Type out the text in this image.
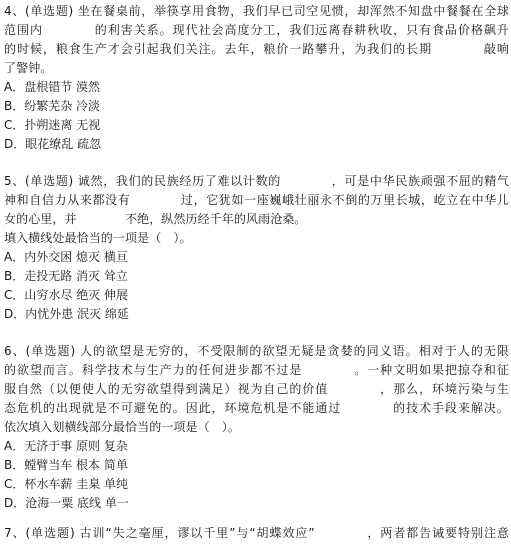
4、(单选题) 坐在餐桌前，举筷享用食物，我们早已司空见惯，却浑然不知盘中餐餐在全球
范围内　　　　的利害关系。现代社会高度分工，我们远离春耕秋收，只有食品价格飙升
的时候，粮食生产才会引起我们关注。去年，粮价一路攀升，为我们的长期　　　　敲响
了警钟。
A．盘根错节 漠然
B．纷繁芜杂 冷淡
C．扑朔迷离 无视
D．眼花缭乱 疏忽
5、(单选题) 诚然，我们的民族经历了难以计数的　　　　，可是中华民族顽强不屈的精气
神和自信力从来都没有　　　　过，它犹如一座巍峨壮丽永不倒的万里长城，屹立在中华儿
女的心里，并　　　　不绝，纵然历经千年的风雨沧桑。
填入横线处最恰当的一项是（　）。
A．内外交困 熄灭 横亘
B．走投无路 消灭 耸立
C．山穷水尽 绝灭 伸展
D．内忧外患 泯灭 绵延
6、(单选题) 人的欲望是无穷的，不受限制的欲望无疑是贪婪的同义语。相对于人的无限
的欲望而言。科学技术与生产力的任何进步都不过是　　　　。一种文明如果把掠夺和征
服自然（以便使人的无穷欲望得到满足）视为自己的价值　　　　，那么，环境污染与生
态危机的出现就是不可避免的。因此，环境危机是不能通过　　　　的技术手段来解决。
依次填入划横线部分最恰当的一项是（　）。
A．无济于事 原则 复杂
B．螳臂当车 根本 简单
C．杯水车薪 圭臬 单纯
D．沧海一粟 底线 单一
7、(单选题) 古训“失之毫厘，谬以千里”与“胡蝶效应”　　　　，两者都告诫要特别注意
